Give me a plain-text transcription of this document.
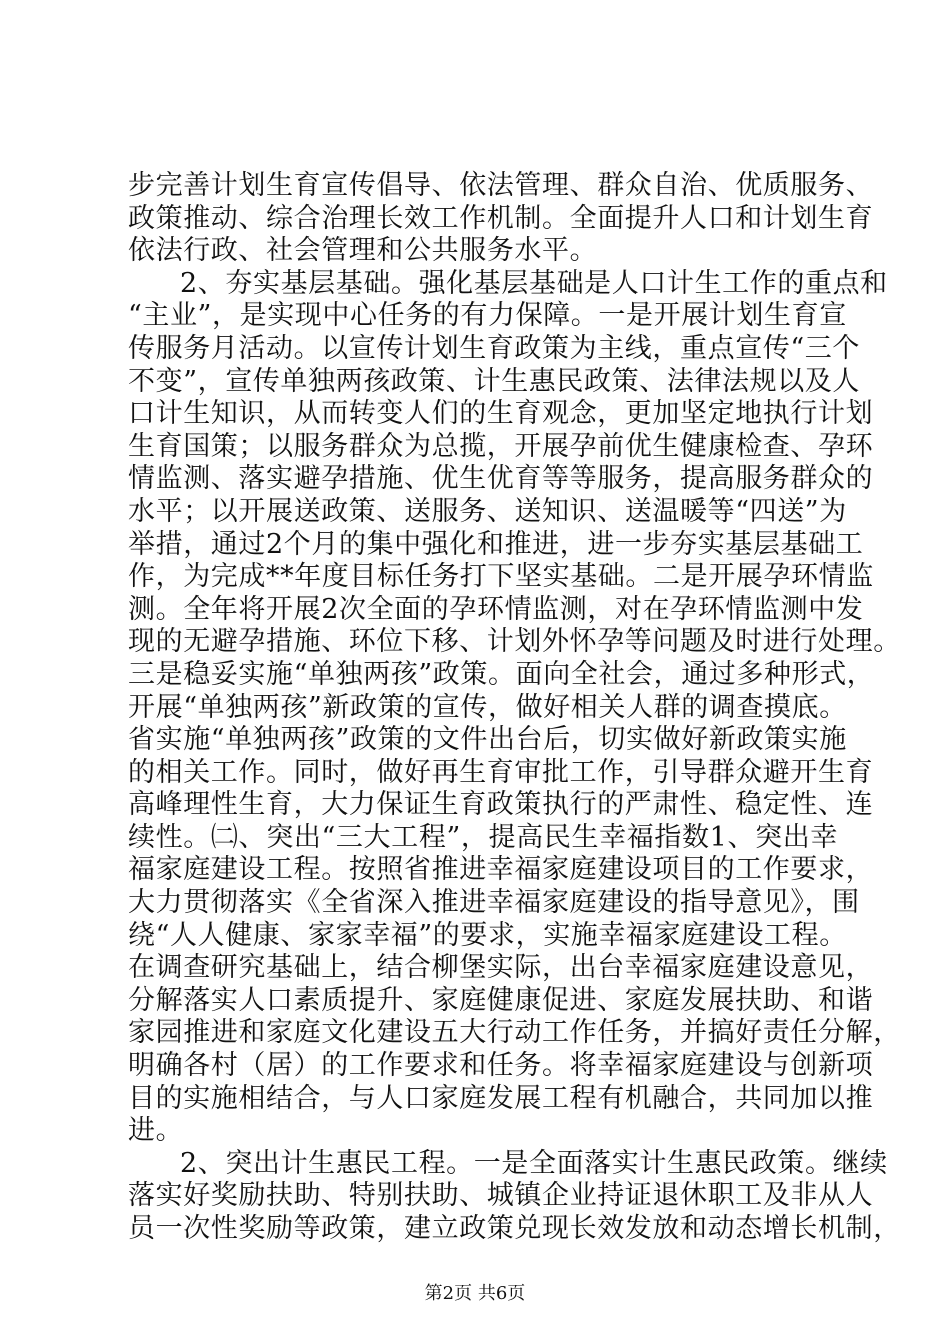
步完善计划生育宣传倡导、依法管理、群众自治、优质服务、
政策推动、综合治理长效工作机制。全面提升人口和计划生育
依法行政、社会管理和公共服务水平。
2、夯实基层基础。强化基层基础是人口计生工作的重点和
“主业”，是实现中心任务的有力保障。一是开展计划生育宣
传服务月活动。以宣传计划生育政策为主线，重点宣传“三个
不变”，宣传单独两孩政策、计生惠民政策、法律法规以及人
口计生知识，从而转变人们的生育观念，更加坚定地执行计划
生育国策；以服务群众为总揽，开展孕前优生健康检查、孕环
情监测、落实避孕措施、优生优育等等服务，提高服务群众的
水平；以开展送政策、送服务、送知识、送温暖等“四送”为
举措，通过2个月的集中强化和推进，进一步夯实基层基础工
作，为完成**年度目标任务打下坚实基础。二是开展孕环情监
测。全年将开展2次全面的孕环情监测，对在孕环情监测中发
现的无避孕措施、环位下移、计划外怀孕等问题及时进行处理。
三是稳妥实施“单独两孩”政策。面向全社会，通过多种形式，
开展“单独两孩”新政策的宣传，做好相关人群的调查摸底。
省实施“单独两孩”政策的文件出台后，切实做好新政策实施
的相关工作。同时，做好再生育审批工作，引导群众避开生育
高峰理性生育，大力保证生育政策执行的严肃性、稳定性、连
续性。㈡、突出“三大工程”，提高民生幸福指数1、突出幸
福家庭建设工程。按照省推进幸福家庭建设项目的工作要求，
大力贯彻落实《全省深入推进幸福家庭建设的指导意见》，围
绕“人人健康、家家幸福”的要求，实施幸福家庭建设工程。
在调查研究基础上，结合柳堡实际，出台幸福家庭建设意见，
分解落实人口素质提升、家庭健康促进、家庭发展扶助、和谐
家园推进和家庭文化建设五大行动工作任务，并搞好责任分解，
明确各村（居）的工作要求和任务。将幸福家庭建设与创新项
目的实施相结合，与人口家庭发展工程有机融合，共同加以推
进。
2、突出计生惠民工程。一是全面落实计生惠民政策。继续
落实好奖励扶助、特别扶助、城镇企业持证退休职工及非从人
员一次性奖励等政策，建立政策兑现长效发放和动态增长机制，
第2页 共6页
